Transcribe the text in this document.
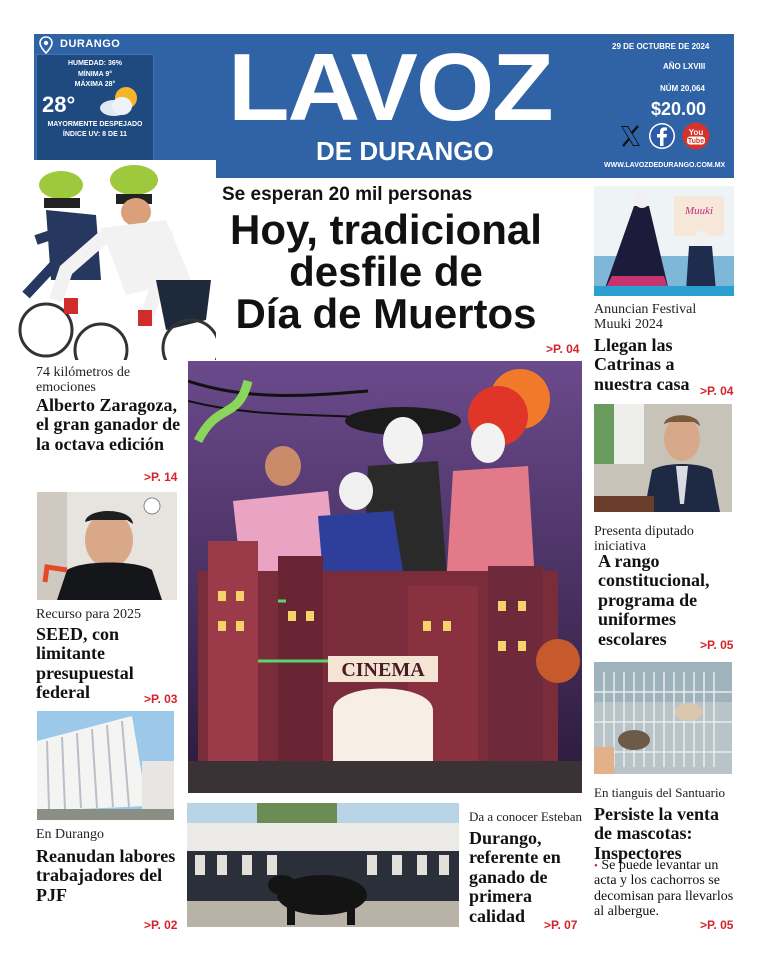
DURANGO
HUMEDAD: 36%
MÍNIMA 9°
MÁXIMA 28°
MAYORMENTE DESPEJADO
ÍNDICE UV: 8 DE 11
28° LAVOZ
DE DURANGO
29 DE OCTUBRE DE 2024
AÑO LXVIII
NÚM 20,064
$20.00
You
Tube
WWW.LAVOZDEDURANGO.COM.MX
Se esperan 20 mil personas
Hoy, tradicional
desfile de
Día de Muertos
>P. 04
CINEMA
74 kilómetros de emociones
Alberto Zaragoza, el gran ganador de la octava edición
>P. 14
Recurso para 2025
SEED, con limitante presupuestal federal	>P. 03
En Durango
Reanudan labores trabajadores del PJF
>P. 02
Da a conocer Esteban
Durango, referente en ganado de primera calidad	>P. 07
Muuki
Anuncian Festival Muuki 2024
Llegan las Catrinas a nuestra casa >P. 04
Presenta diputado iniciativa
A rango constitucional, programa de uniformes escolares	>P. 05
En tianguis del Santuario
Persiste la venta de mascotas: Inspectores
• Se puede levantar un acta y los cachorros se decomisan para llevarlos al albergue.
>P. 05
